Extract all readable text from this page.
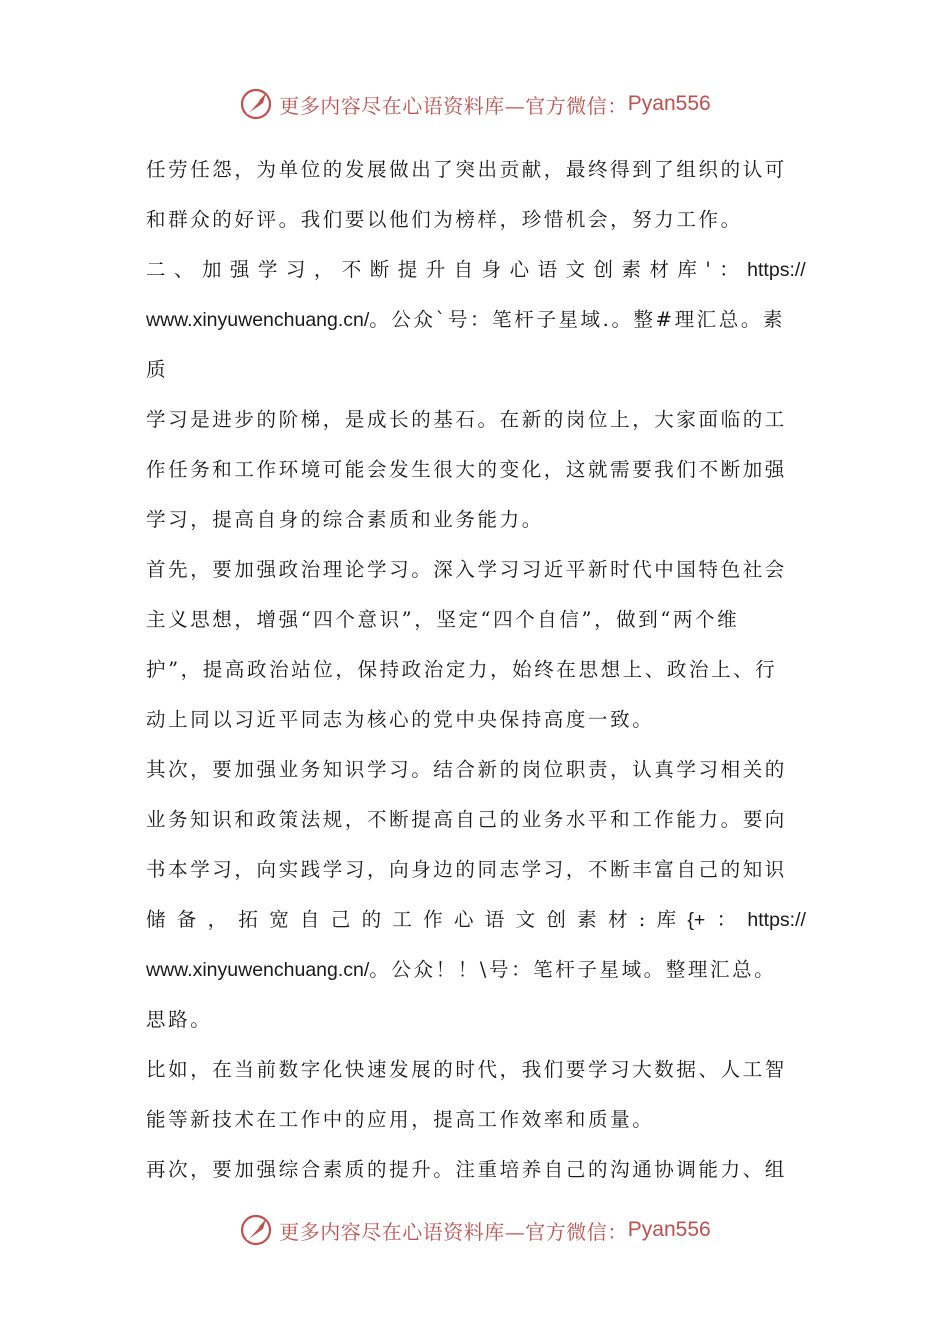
更多内容尽在心语资料库—官方微信： Pyan556
任劳任怨，为单位的发展做出了突出贡献，最终得到了组织的认可
和群众的好评。我们要以他们为榜样，珍惜机会，努力工作。
二 、 加 强 学 习 ， 不 断 提 升 自 身 心 语 文 创 素 材 库 ' ： https://
www.xinyuwenchuang.cn/。公众`号：笔杆子星域.。整#理汇总。素
质
学习是进步的阶梯，是成长的基石。在新的岗位上，大家面临的工
作任务和工作环境可能会发生很大的变化，这就需要我们不断加强
学习，提高自身的综合素质和业务能力。
首先，要加强政治理论学习。深入学习习近平新时代中国特色社会
主义思想，增强“四个意识”，坚定“四个自信”，做到“两个维
护”，提高政治站位，保持政治定力，始终在思想上、政治上、行
动上同以习近平同志为核心的党中央保持高度一致。
其次，要加强业务知识学习。结合新的岗位职责，认真学习相关的
业务知识和政策法规，不断提高自己的业务水平和工作能力。要向
书本学习，向实践学习，向身边的同志学习，不断丰富自己的知识
储 备 ， 拓 宽 自 己 的 工 作 心 语 文 创 素 材 : 库 {+ ： https://
www.xinyuwenchuang.cn/。公众！！\号：笔杆子星域。整理汇总。
思路。
比如，在当前数字化快速发展的时代，我们要学习大数据、人工智
能等新技术在工作中的应用，提高工作效率和质量。
再次，要加强综合素质的提升。注重培养自己的沟通协调能力、组
更多内容尽在心语资料库—官方微信： Pyan556
